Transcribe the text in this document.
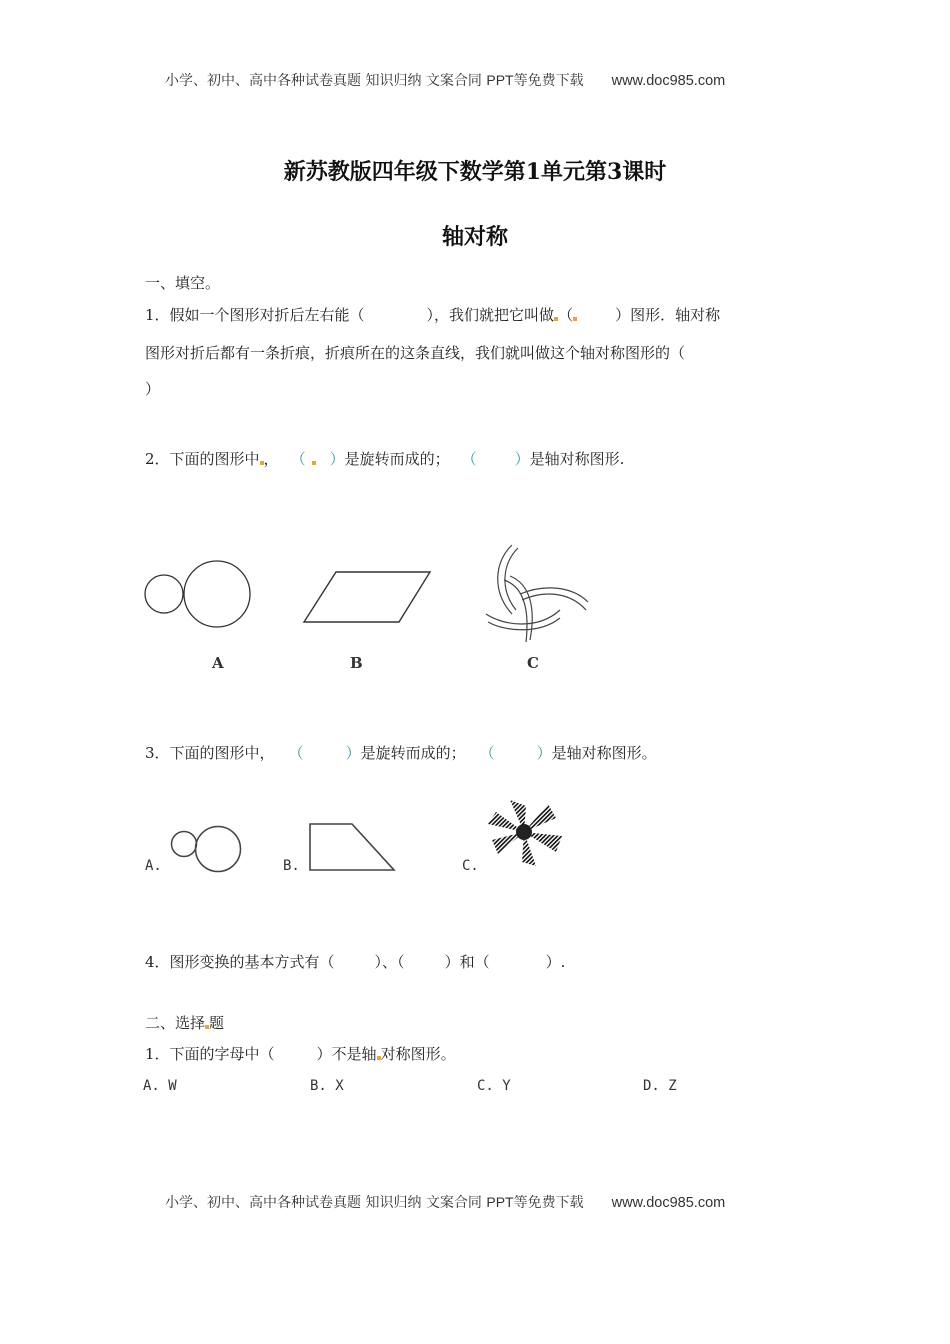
小学、初中、高中各种试卷真题 知识归纳 文案合同 PPT等免费下载 www.doc985.com
新苏教版四年级下数学第1单元第3课时
轴对称
一、填空。
1．假如一个图形对折后左右能（	），我们就把它叫做 （	）图形．轴对称
图形对折后都有一条折痕，折痕所在的这条直线，我们就叫做这个轴对称图形的（
）
2．下面的图形中 ， （ ）是旋转而成的； （	）是轴对称图形.
A	B	C
3．下面的图形中， （	）是旋转而成的； （	）是轴对称图形。
A.	B.	C.
4．图形变换的基本方式有（	）、（	）和（	）.
二、选择 题
1．下面的字母中（	）不是轴 对称图形。
A. W	B. X	C. Y	D. Z
小学、初中、高中各种试卷真题 知识归纳 文案合同 PPT等免费下载 www.doc985.com
